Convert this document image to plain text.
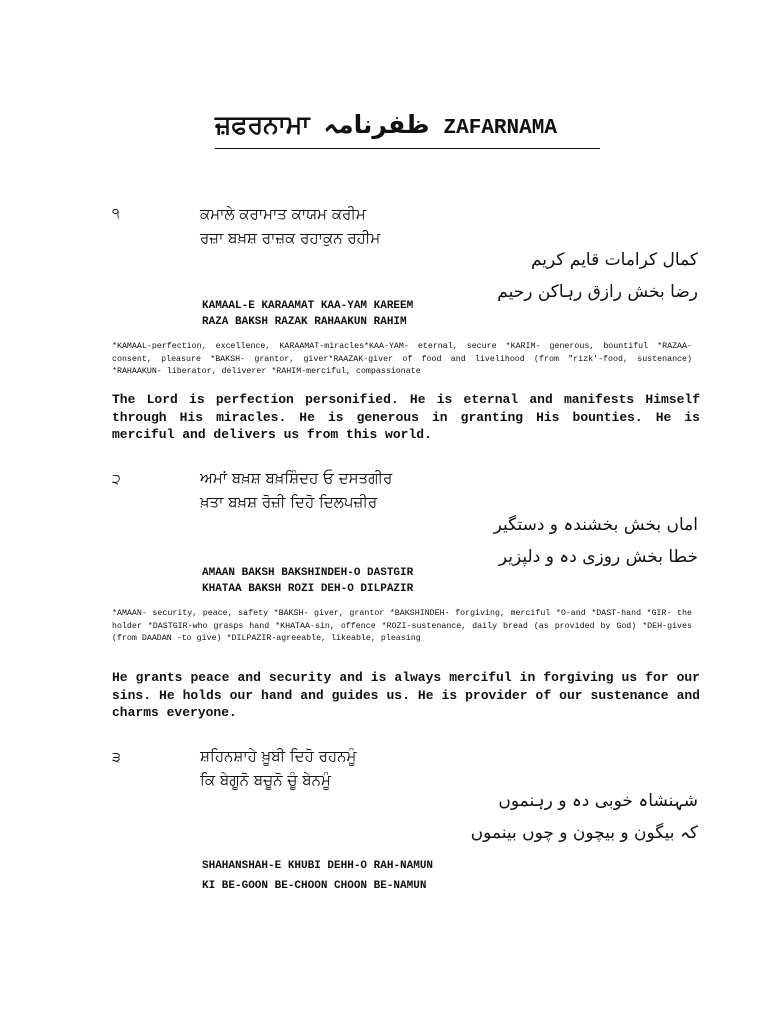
ਜ਼ਫਰਨਾਮਾ ظفرنامہ ZAFARNAMA
੧	ਕਮਾਲੇ ਕਰਾਮਾਤ ਕਾਯਮ ਕਰੀਮ
ਰਜ਼ਾ ਬਖ਼ਸ਼ ਰਾਜ਼ਕ ਰਹਾਕੁਨ ਰਹੀਮ
کمال کرامات قایم کریم
رضا بخش رازق رہاکن رحیم
KAMAAL-E KARAAMAT KAA-YAM KAREEM
RAZA BAKSH RAZAK RAHAAKUN RAHIM
*KAMAAL-perfection, excellence, KARAAMAT-miracles*KAA-YAM- eternal, secure *KARIM- generous, bountiful *RAZAA-consent, pleasure *BAKSH- grantor, giver*RAAZAK-giver of food and livelihood (from "rizk'-food, sustenance) *RAHAAKUN- liberator, deliverer *RAHIM-merciful, compassionate
The Lord is perfection personified. He is eternal and manifests Himself through His miracles. He is generous in granting His bounties. He is merciful and delivers us from this world.
੨	ਅਮਾਂ ਬਖ਼ਸ਼ ਬਖ਼ਸ਼ਿੰਦਹ ਓ ਦਸਤਗੀਰ
ਖ਼ਤਾ ਬਖ਼ਸ਼ ਰੋਜ਼ੀ ਦਿਹੋ ਦਿਲਪਜ਼ੀਰ
اماں بخش بخشندہ و دستگیر
خطا بخش روزی دہ و دلپزیر
AMAAN BAKSH BAKSHINDEH-O DASTGIR
KHATAA BAKSH ROZI DEH-O DILPAZIR
*AMAAN- security, peace, safety *BAKSH- giver, grantor *BAKSHINDEH- forgiving, merciful *O-and *DAST-hand *GIR- the holder *DASTGIR-who grasps hand *KHATAA-sin, offence *ROZI-sustenance, daily bread (as provided by God) *DEH-gives (from DAADAN -to give) *DILPAZIR-agreeable, likeable, pleasing
He grants peace and security and is always merciful in forgiving us for our sins. He holds our hand and guides us. He is provider of our sustenance and charms everyone.
੩	ਸ਼ਹਿਨਸ਼ਾਹੇ ਖ਼ੂਬੀ ਦਿਹੋ ਰਹਨਮੂੰ
ਕਿ ਬੇਗੂਨੋ ਬਚੂਨੋ ਚੂੰ ਬੇਨਮੂੰ
شہنشاہ خوبی دہ و رہنموں
کہ بیگون و بیچون و چوں بینموں
SHAHANSHAH-E KHUBI DEHH-O RAH-NAMUN
KI BE-GOON BE-CHOON CHOON BE-NAMUN
